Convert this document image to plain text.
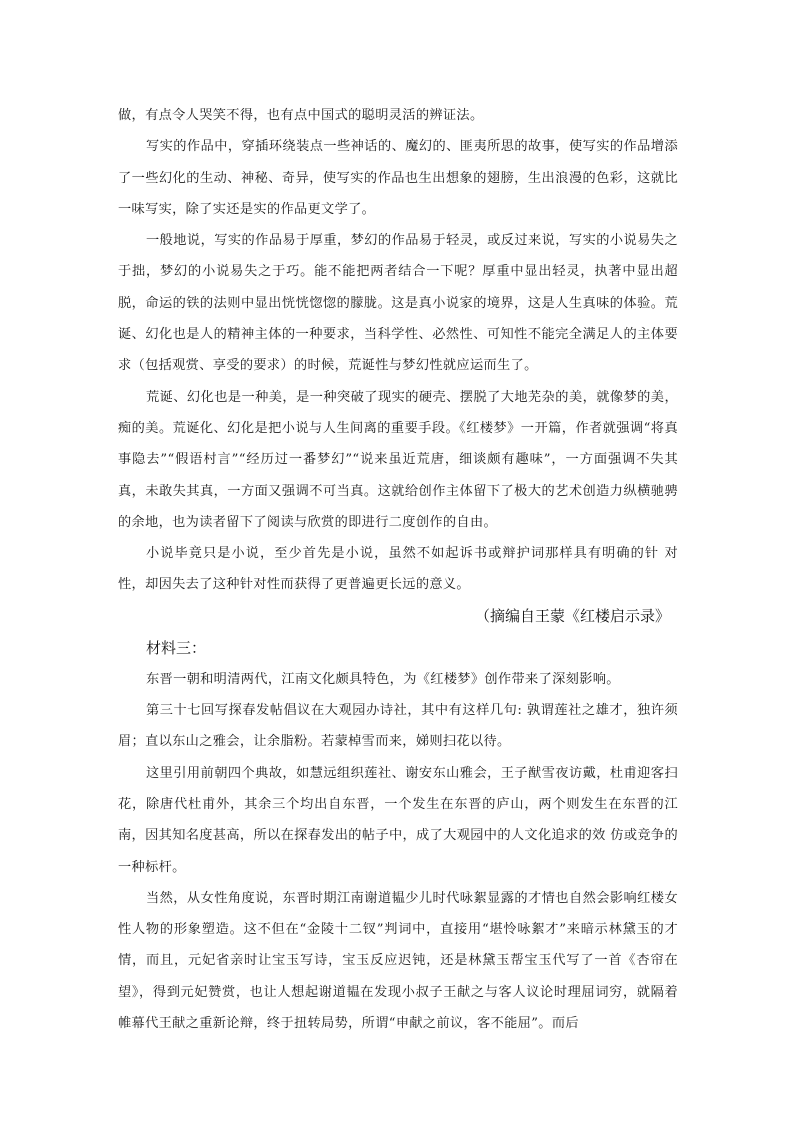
做，有点令人哭笑不得，也有点中国式的聪明灵活的辨证法。

写实的作品中，穿插环绕装点一些神话的、魔幻的、匪夷所思的故事，使写实的作品增添了一些幻化的生动、神秘、奇异，使写实的作品也生出想象的翅膀，生出浪漫的色彩，这就比一味写实，除了实还是实的作品更文学了。

一般地说，写实的作品易于厚重，梦幻的作品易于轻灵，或反过来说，写实的小说易失之于拙，梦幻的小说易失之于巧。能不能把两者结合一下呢？厚重中显出轻灵，执著中显出超脱，命运的铁的法则中显出恍恍惚惚的朦胧。这是真小说家的境界，这是人生真味的体验。荒诞、幻化也是人的精神主体的一种要求，当科学性、必然性、可知性不能完全满足人的主体要求（包括观赏、享受的要求）的时候，荒诞性与梦幻性就应运而生了。

荒诞、幻化也是一种美，是一种突破了现实的硬壳、摆脱了大地芜杂的美，就像梦的美，痴的美。荒诞化、幻化是把小说与人生间离的重要手段。《红楼梦》一开篇，作者就强调“将真事隐去”“假语村言”“经历过一番梦幻”“说来虽近荒唐，细谈颇有趣味”，一方面强调不失其真，未敢失其真，一方面又强调不可当真。这就给创作主体留下了极大的艺术创造力纵横驰骋的余地，也为读者留下了阅读与欣赏的即进行二度创作的自由。

小说毕竟只是小说，至少首先是小说，虽然不如起诉书或辩护词那样具有明确的针 对性，却因失去了这种针对性而获得了更普遍更长远的意义。

（摘编自王蒙《红楼启示录》

材料三：

东晋一朝和明清两代，江南文化颇具特色，为《红楼梦》创作带来了深刻影响。

第三十七回写探春发帖倡议在大观园办诗社，其中有这样几句: 孰谓莲社之雄才，独许须眉；直以东山之雅会，让余脂粉。若蒙棹雪而来，娣则扫花以待。

这里引用前朝四个典故，如慧远组织莲社、谢安东山雅会，王子猷雪夜访戴，杜甫迎客扫花，除唐代杜甫外，其余三个均出自东晋，一个发生在东晋的庐山，两个则发生在东晋的江南，因其知名度甚高，所以在探春发出的帖子中，成了大观园中的人文化追求的效 仿或竞争的一种标杆。

当然，从女性角度说，东晋时期江南谢道韫少儿时代咏絮显露的才情也自然会影响红楼女性人物的形象塑造。这不但在“金陵十二钗”判词中，直接用“堪怜咏絮才”来暗示林黛玉的才情，而且，元妃省亲时让宝玉写诗，宝玉反应迟钝，还是林黛玉帮宝玉代写了一首《杏帘在望》，得到元妃赞赏，也让人想起谢道韫在发现小叔子王献之与客人议论时理屈词穷，就隔着帷幕代王献之重新论辩，终于扭转局势，所谓“申献之前议，客不能屈”。而后
